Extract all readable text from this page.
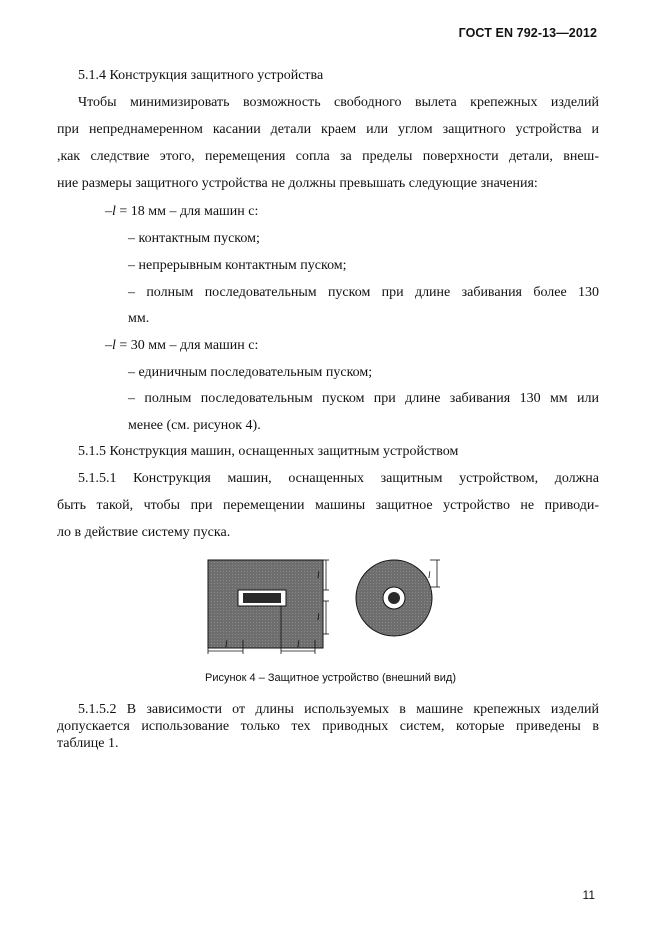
ГОСТ EN 792-13—2012
5.1.4 Конструкция защитного устройства
Чтобы минимизировать возможность свободного вылета крепежных изделий
при непреднамеренном касании детали краем или углом защитного устройства и
,как следствие этого, перемещения сопла за пределы поверхности детали, внеш-
ние размеры защитного устройства не должны превышать следующие значения:
–l = 18 мм – для машин с:
– контактным пуском;
– непрерывным контактным пуском;
– полным последовательным пуском при длине забивания более 130
мм.
–l = 30 мм – для машин с:
– единичным последовательным пуском;
– полным последовательным пуском при длине забивания 130 мм или
менее (см. рисунок 4).
5.1.5 Конструкция машин, оснащенных защитным устройством
5.1.5.1 Конструкция машин, оснащенных защитным устройством, должна
быть такой, чтобы при перемещении машины защитное устройство не приводи-
ло в действие систему пуска.
l
l
l	l
l
Рисунок 4 – Защитное устройство (внешний вид)
5.1.5.2 В зависимости от длины используемых в машине крепежных изделий
допускается использование только тех приводных систем, которые приведены в
таблице 1.
11
